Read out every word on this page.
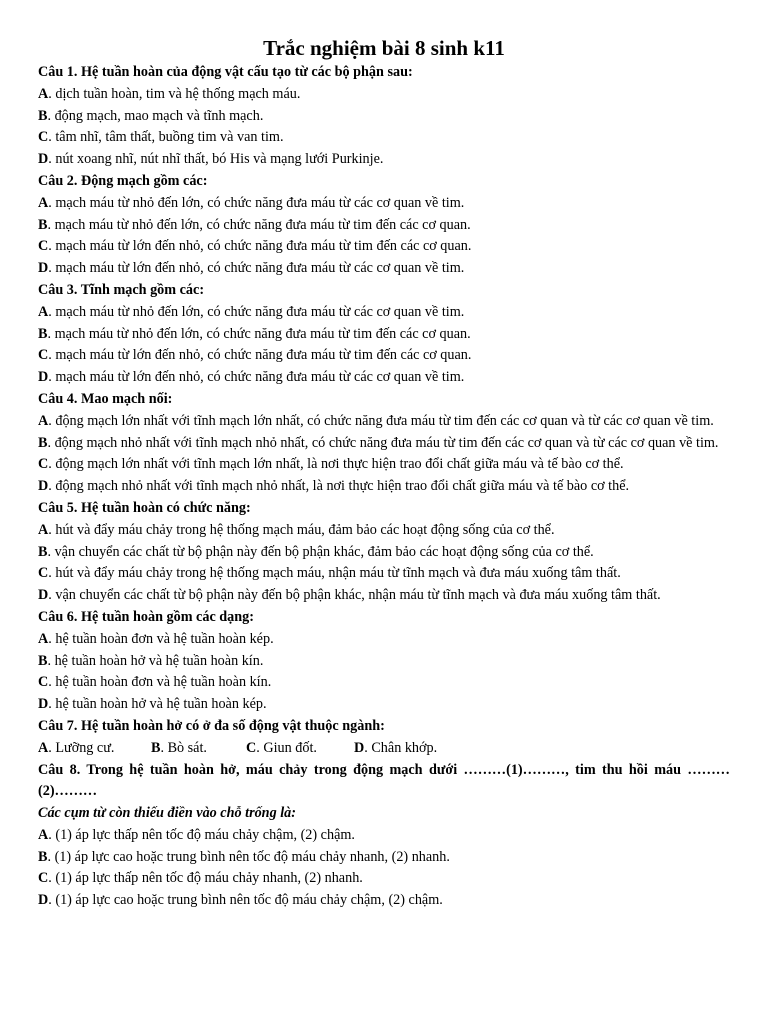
Trắc nghiệm bài 8 sinh k11

Câu 1. Hệ tuần hoàn của động vật cấu tạo từ các bộ phận sau:

A. dịch tuần hoàn, tim và hệ thống mạch máu.

B. động mạch, mao mạch và tĩnh mạch.

C. tâm nhĩ, tâm thất, buồng tim và van tim.

D. nút xoang nhĩ, nút nhĩ thất, bó His và mạng lưới Purkinje.

Câu 2. Động mạch gồm các:

A. mạch máu từ nhỏ đến lớn, có chức năng đưa máu từ các cơ quan về tim.

B. mạch máu từ nhỏ đến lớn, có chức năng đưa máu từ tim đến các cơ quan.

C. mạch máu từ lớn đến nhỏ, có chức năng đưa máu từ tim đến các cơ quan.

D. mạch máu từ lớn đến nhỏ, có chức năng đưa máu từ các cơ quan về tim.

Câu 3. Tĩnh mạch gồm các:

A. mạch máu từ nhỏ đến lớn, có chức năng đưa máu từ các cơ quan về tim.

B. mạch máu từ nhỏ đến lớn, có chức năng đưa máu từ tim đến các cơ quan.

C. mạch máu từ lớn đến nhỏ, có chức năng đưa máu từ tim đến các cơ quan.

D. mạch máu từ lớn đến nhỏ, có chức năng đưa máu từ các cơ quan về tim.

Câu 4. Mao mạch nối:

A. động mạch lớn nhất với tĩnh mạch lớn nhất, có chức năng đưa máu từ tim đến các cơ quan và từ các cơ quan về tim.

B. động mạch nhỏ nhất với tĩnh mạch nhỏ nhất, có chức năng đưa máu từ tim đến các cơ quan và từ các cơ quan về tim.

C. động mạch lớn nhất với tĩnh mạch lớn nhất, là nơi thực hiện trao đổi chất giữa máu và tế bào cơ thể.

D. động mạch nhỏ nhất với tĩnh mạch nhỏ nhất, là nơi thực hiện trao đổi chất giữa máu và tế bào cơ thể.

Câu 5. Hệ tuần hoàn có chức năng:

A. hút và đẩy máu chảy trong hệ thống mạch máu, đảm bảo các hoạt động sống của cơ thể.

B. vận chuyển các chất từ bộ phận này đến bộ phận khác, đảm bảo các hoạt động sống của cơ thể.

C. hút và đẩy máu chảy trong hệ thống mạch máu, nhận máu từ tĩnh mạch và đưa máu xuống tâm thất.

D. vận chuyển các chất từ bộ phận này đến bộ phận khác, nhận máu từ tĩnh mạch và đưa máu xuống tâm thất.

Câu 6. Hệ tuần hoàn gồm các dạng:

A. hệ tuần hoàn đơn và hệ tuần hoàn kép.

B. hệ tuần hoàn hở và hệ tuần hoàn kín.

C. hệ tuần hoàn đơn và hệ tuần hoàn kín.

D. hệ tuần hoàn hở và hệ tuần hoàn kép.

Câu 7. Hệ tuần hoàn hở có ở đa số động vật thuộc ngành:

A. Lưỡng cư.	B. Bò sát.	C. Giun đốt.	D. Chân khớp.

Câu 8. Trong hệ tuần hoàn hở, máu chảy trong động mạch dưới ………(1)………, tim thu hồi máu ………(2)………

Các cụm từ còn thiếu điền vào chỗ trống là:

A. (1) áp lực thấp nên tốc độ máu chảy chậm, (2) chậm.

B. (1) áp lực cao hoặc trung bình nên tốc độ máu chảy nhanh, (2) nhanh.

C. (1) áp lực thấp nên tốc độ máu chảy nhanh, (2) nhanh.

D. (1) áp lực cao hoặc trung bình nên tốc độ máu chảy chậm, (2) chậm.
